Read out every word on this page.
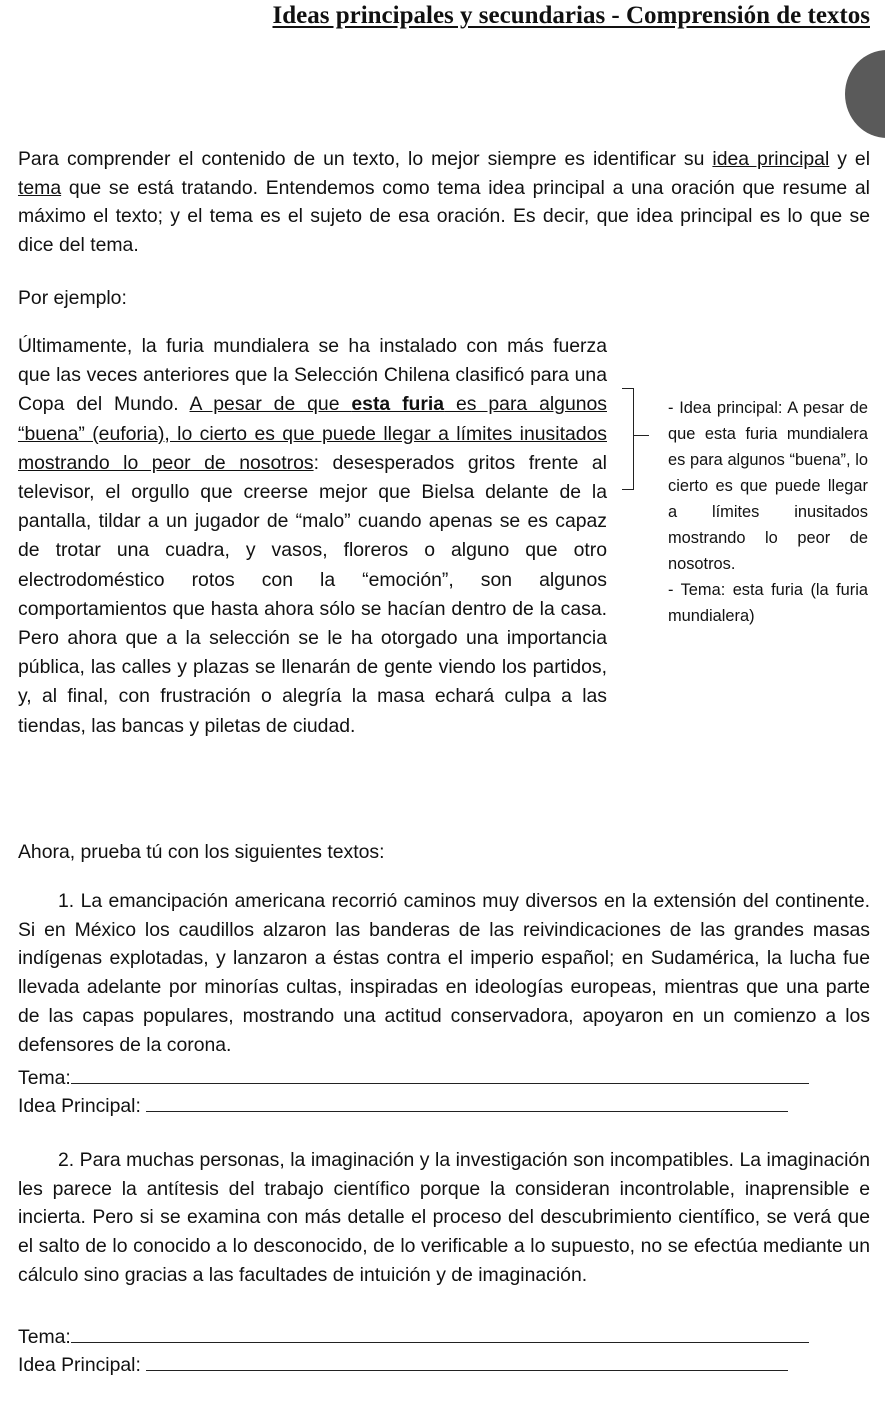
Ideas principales y secundarias - Comprensión de textos
Para comprender el contenido de un texto, lo mejor siempre es identificar su idea principal y el tema que se está tratando. Entendemos como tema idea principal a una oración que resume al máximo el texto; y el tema es el sujeto de esa oración. Es decir, que idea principal es lo que se dice del tema.
Por ejemplo:
Últimamente, la furia mundialera se ha instalado con más fuerza que las veces anteriores que la Selección Chilena clasificó para una Copa del Mundo. A pesar de que esta furia es para algunos “buena” (euforia), lo cierto es que puede llegar a límites inusitados mostrando lo peor de nosotros: desesperados gritos frente al televisor, el orgullo que creerse mejor que Bielsa delante de la pantalla, tildar a un jugador de “malo” cuando apenas se es capaz de trotar una cuadra, y vasos, floreros o alguno que otro electrodoméstico rotos con la “emoción”, son algunos comportamientos que hasta ahora sólo se hacían dentro de la casa. Pero ahora que a la selección se le ha otorgado una importancia pública, las calles y plazas se llenarán de gente viendo los partidos, y, al final, con frustración o alegría la masa echará culpa a las tiendas, las bancas y piletas de ciudad.
- Idea principal: A pesar de que esta furia mundialera es para algunos “buena”, lo cierto es que puede llegar a límites inusitados mostrando lo peor de nosotros.
- Tema: esta furia (la furia mundialera)
Ahora, prueba tú con los siguientes textos:
1. La emancipación americana recorrió caminos muy diversos en la extensión del continente. Si en México los caudillos alzaron las banderas de las reivindicaciones de las grandes masas indígenas explotadas, y lanzaron a éstas contra el imperio español; en Sudamérica, la lucha fue llevada adelante por minorías cultas, inspiradas en ideologías europeas, mientras que una parte de las capas populares, mostrando una actitud conservadora, apoyaron en un comienzo a los defensores de la corona.
Tema:
Idea Principal:
2. Para muchas personas, la imaginación y la investigación son incompatibles. La imaginación les parece la antítesis del trabajo científico porque la consideran incontrolable, inaprensible e incierta. Pero si se examina con más detalle el proceso del descubrimiento científico, se verá que el salto de lo conocido a lo desconocido, de lo verificable a lo supuesto, no se efectúa mediante un cálculo sino gracias a las facultades de intuición y de imaginación.
Tema:
Idea Principal:
